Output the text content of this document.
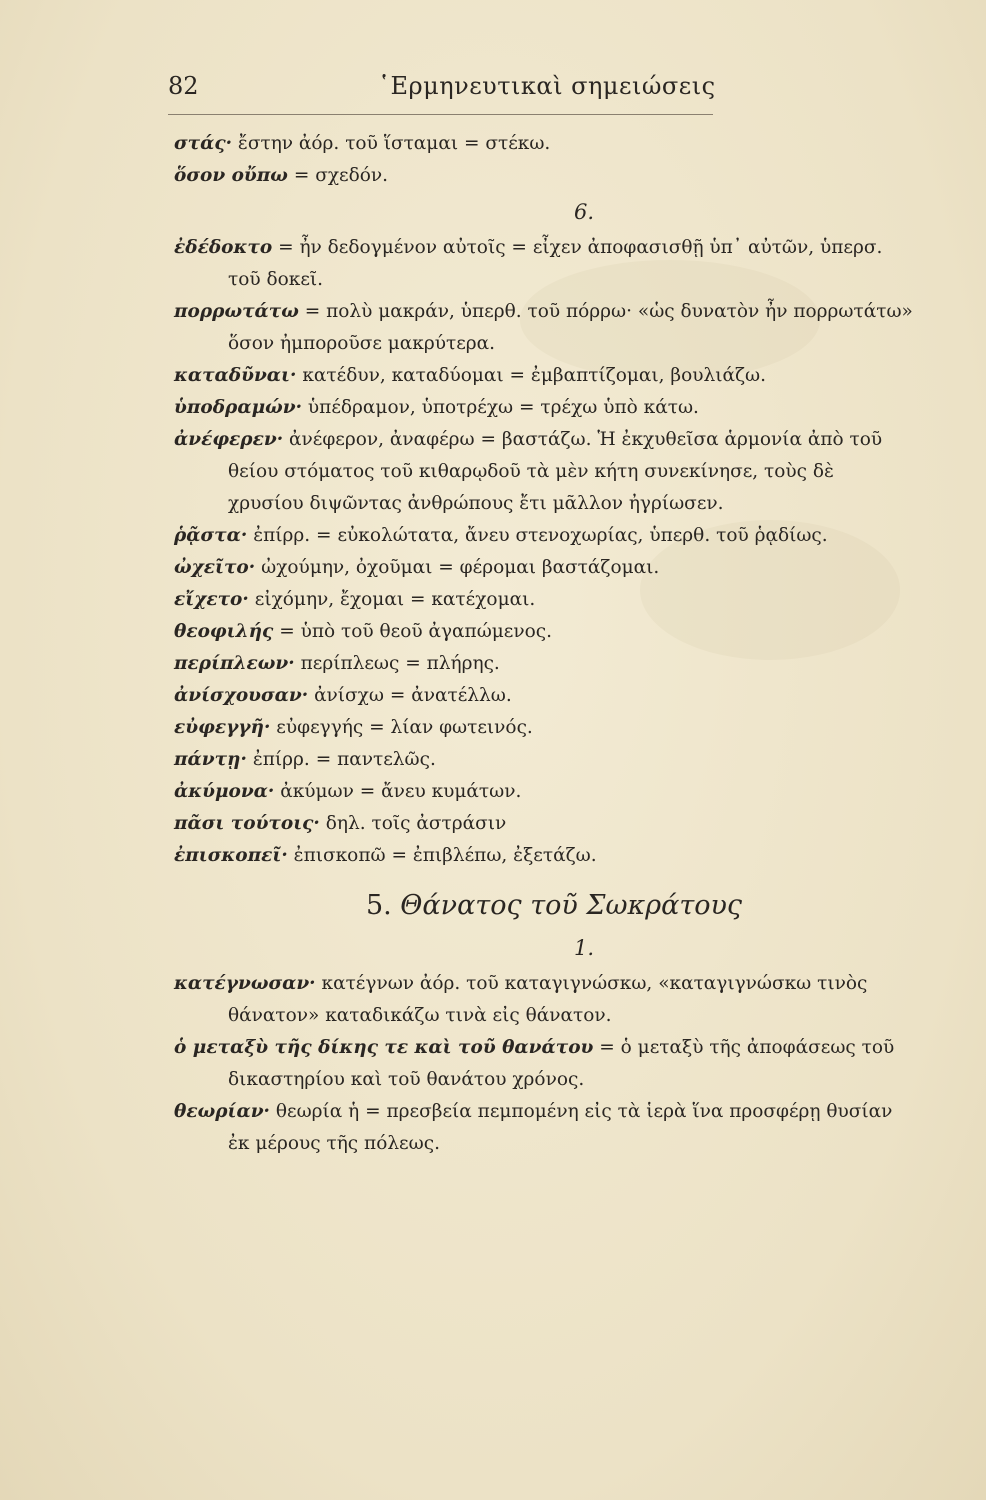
82	῾Ερμηνευτικαὶ σημειώσεις

στάς· ἔστην ἀόρ. τοῦ ἵσταμαι = στέκω.

ὅσον οὔπω = σχεδόν.

6.

ἐδέδοκτο = ἦν δεδογμένον αὐτοῖς = εἶχεν ἀποφασισθῇ ὑπ᾽ αὐτῶν, ὑπερσ. τοῦ δοκεῖ.

πορρωτάτω = πολὺ μακράν, ὑπερθ. τοῦ πόρρω· «ὡς δυνατὸν ἦν πορρωτάτω» ὅσον ἠμποροῦσε μακρύτερα.

καταδῦναι· κατέδυν, καταδύομαι = ἐμβαπτίζομαι, βουλιάζω.

ὑποδραμών· ὑπέδραμον, ὑποτρέχω = τρέχω ὑπὸ κάτω.

ἀνέφερεν· ἀνέφερον, ἀναφέρω = βαστάζω. Ἡ ἐκχυθεῖσα ἁρμονία ἀπὸ τοῦ θείου στόματος τοῦ κιθαρῳδοῦ τὰ μὲν κήτη συνεκίνησε, τοὺς δὲ χρυσίου διψῶντας ἀνθρώπους ἔτι μᾶλλον ἠγρίωσεν.

ῥᾷστα· ἐπίρρ. = εὐκολώτατα, ἄνευ στενοχωρίας, ὑπερθ. τοῦ ῥᾳδίως.

ὠχεῖτο· ὠχούμην, ὀχοῦμαι = φέρομαι βαστάζομαι.

εἴχετο· εἰχόμην, ἔχομαι = κατέχομαι.

θεοφιλής = ὑπὸ τοῦ θεοῦ ἀγαπώμενος.

περίπλεων· περίπλεως = πλήρης.

ἀνίσχουσαν· ἀνίσχω = ἀνατέλλω.

εὐφεγγῆ· εὐφεγγής = λίαν φωτεινός.

πάντῃ· ἐπίρρ. = παντελῶς.

ἀκύμονα· ἀκύμων = ἄνευ κυμάτων.

πᾶσι τούτοις· δηλ. τοῖς ἀστράσιν

ἐπισκοπεῖ· ἐπισκοπῶ = ἐπιβλέπω, ἐξετάζω.

5. Θάνατος τοῦ Σωκράτους
1.

κατέγνωσαν· κατέγνων ἀόρ. τοῦ καταγιγνώσκω, «καταγιγνώσκω τινὸς θάνατον» καταδικάζω τινὰ εἰς θάνατον.

ὁ μεταξὺ τῆς δίκης τε καὶ τοῦ θανάτου = ὁ μεταξὺ τῆς ἀποφάσεως τοῦ δικαστηρίου καὶ τοῦ θανάτου χρόνος.

θεωρίαν· θεωρία ἡ = πρεσβεία πεμπομένη εἰς τὰ ἱερὰ ἵνα προσφέρῃ θυσίαν ἐκ μέρους τῆς πόλεως.
